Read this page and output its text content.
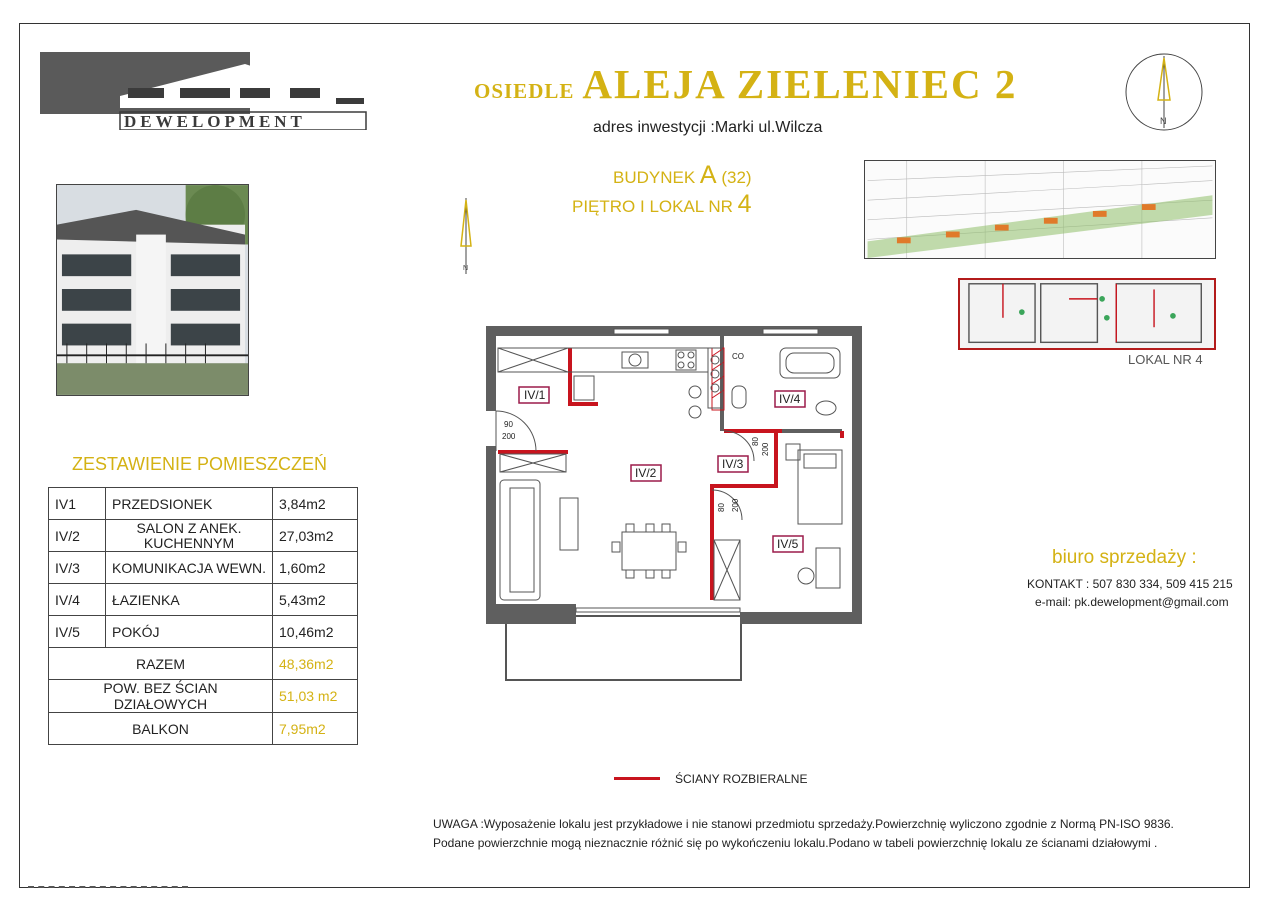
DEWELOPMENT
OSIEDLE ALEJA ZIELENIEC 2
adres inwestycji :Marki ul.Wilcza
BUDYNEK A (32)
PIĘTRO I LOKAL NR 4
N
N
LOKAL NR 4
ZESTAWIENIE POMIESZCZEŃ
IV1	PRZEDSIONEK	3,84m2
IV/2	SALON Z ANEK. KUCHENNYM	27,03m2
IV/3	KOMUNIKACJA WEWN.	1,60m2
IV/4	ŁAZIENKA	5,43m2
IV/5	POKÓJ	10,46m2
RAZEM		48,36m2
POW. BEZ ŚCIAN DZIAŁOWYCH		51,03 m2
BALKON		7,95m2
IV/1
IV/2
IV/3
IV/4
IV/5
90
200
80
200
80 200
CO
biuro sprzedaży :
KONTAKT : 507 830 334, 509 415 215
e-mail: pk.dewelopment@gmail.com
ŚCIANY ROZBIERALNE
UWAGA :Wyposażenie lokalu jest przykładowe i nie stanowi przedmiotu sprzedaży.Powierzchnię wyliczono zgodnie z Normą PN-ISO 9836.
Podane powierzchnie mogą nieznacznie różnić się po wykończeniu lokalu.Podano w tabeli powierzchnię lokalu ze ścianami działowymi .
